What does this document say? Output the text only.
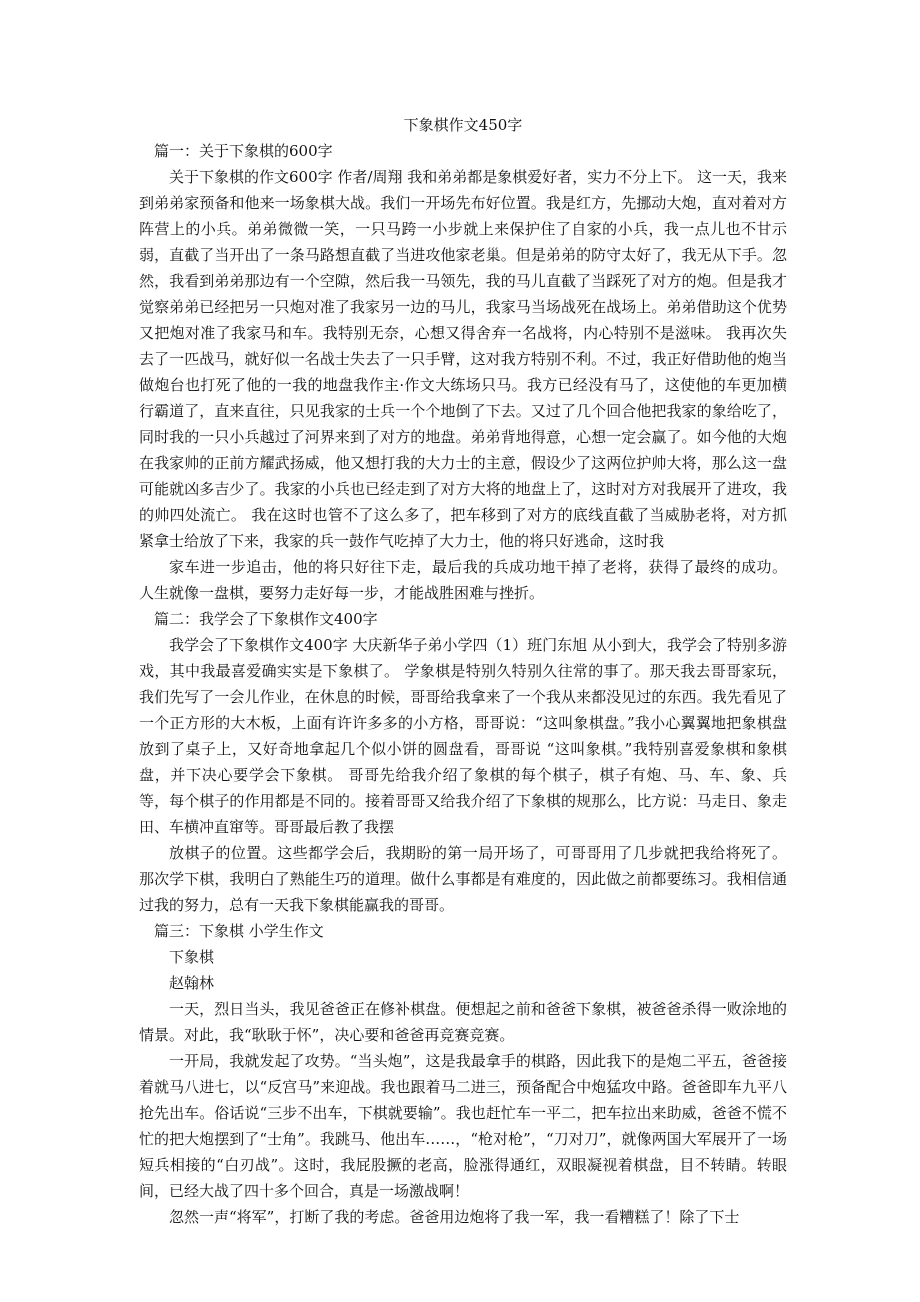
下象棋作文450字

篇一：关于下象棋的600字

关于下象棋的作文600字 作者/周翔 我和弟弟都是象棋爱好者，实力不分上下。 这一天，我来到弟弟家预备和他来一场象棋大战。我们一开场先布好位置。我是红方，先挪动大炮，直对着对方阵营上的小兵。弟弟微微一笑，一只马跨一小步就上来保护住了自家的小兵，我一点儿也不甘示弱，直截了当开出了一条马路想直截了当进攻他家老巢。但是弟弟的防守太好了，我无从下手。忽然，我看到弟弟那边有一个空隙，然后我一马领先，我的马儿直截了当踩死了对方的炮。但是我才觉察弟弟已经把另一只炮对准了我家另一边的马儿，我家马当场战死在战场上。弟弟借助这个优势又把炮对准了我家马和车。我特别无奈，心想又得舍弃一名战将，内心特别不是滋味。 我再次失去了一匹战马，就好似一名战士失去了一只手臂，这对我方特别不利。不过，我正好借助他的炮当做炮台也打死了他的一我的地盘我作主·作文大练场只马。我方已经没有马了，这使他的车更加横行霸道了，直来直往，只见我家的士兵一个个地倒了下去。又过了几个回合他把我家的象给吃了，同时我的一只小兵越过了河界来到了对方的地盘。弟弟背地得意，心想一定会赢了。如今他的大炮在我家帅的正前方耀武扬威，他又想打我的大力士的主意，假设少了这两位护帅大将，那么这一盘可能就凶多吉少了。我家的小兵也已经走到了对方大将的地盘上了，这时对方对我展开了进攻，我的帅四处流亡。 我在这时也管不了这么多了，把车移到了对方的底线直截了当威胁老将，对方抓紧拿士给放了下来，我家的兵一鼓作气吃掉了大力士，他的将只好逃命，这时我

家车进一步追击，他的将只好往下走，最后我的兵成功地干掉了老将，获得了最终的成功。 人生就像一盘棋，要努力走好每一步，才能战胜困难与挫折。

篇二：我学会了下象棋作文400字

我学会了下象棋作文400字 大庆新华子弟小学四（1）班门东旭 从小到大，我学会了特别多游戏，其中我最喜爱确实实是下象棋了。 学象棋是特别久特别久往常的事了。那天我去哥哥家玩，我们先写了一会儿作业，在休息的时候，哥哥给我拿来了一个我从来都没见过的东西。我先看见了一个正方形的大木板，上面有许许多多的小方格，哥哥说：“这叫象棋盘。”我小心翼翼地把象棋盘放到了桌子上，又好奇地拿起几个似小饼的圆盘看，哥哥说 “这叫象棋。”我特别喜爱象棋和象棋盘，并下决心要学会下象棋。 哥哥先给我介绍了象棋的每个棋子，棋子有炮、马、车、象、兵等，每个棋子的作用都是不同的。接着哥哥又给我介绍了下象棋的规那么，比方说：马走日、象走田、车横冲直窜等。哥哥最后教了我摆

放棋子的位置。这些都学会后，我期盼的第一局开场了，可哥哥用了几步就把我给将死了。 那次学下棋，我明白了熟能生巧的道理。做什么事都是有难度的，因此做之前都要练习。我相信通过我的努力，总有一天我下象棋能赢我的哥哥。

篇三：下象棋 小学生作文

下象棋

赵翰林

一天，烈日当头，我见爸爸正在修补棋盘。便想起之前和爸爸下象棋，被爸爸杀得一败涂地的情景。对此，我“耿耿于怀”，决心要和爸爸再竞赛竞赛。

一开局，我就发起了攻势。“当头炮”，这是我最拿手的棋路，因此我下的是炮二平五，爸爸接着就马八进七，以“反宫马”来迎战。我也跟着马二进三，预备配合中炮猛攻中路。爸爸即车九平八抢先出车。俗话说“三步不出车，下棋就要输”。我也赶忙车一平二，把车拉出来助威，爸爸不慌不忙的把大炮摆到了“士角”。我跳马、他出车……，“枪对枪”，“刀对刀”，就像两国大军展开了一场短兵相接的“白刃战”。这时，我屁股撅的老高，脸涨得通红，双眼凝视着棋盘，目不转睛。转眼间，已经大战了四十多个回合，真是一场激战啊！

忽然一声“将军”，打断了我的考虑。爸爸用边炮将了我一军，我一看糟糕了！除了下士
